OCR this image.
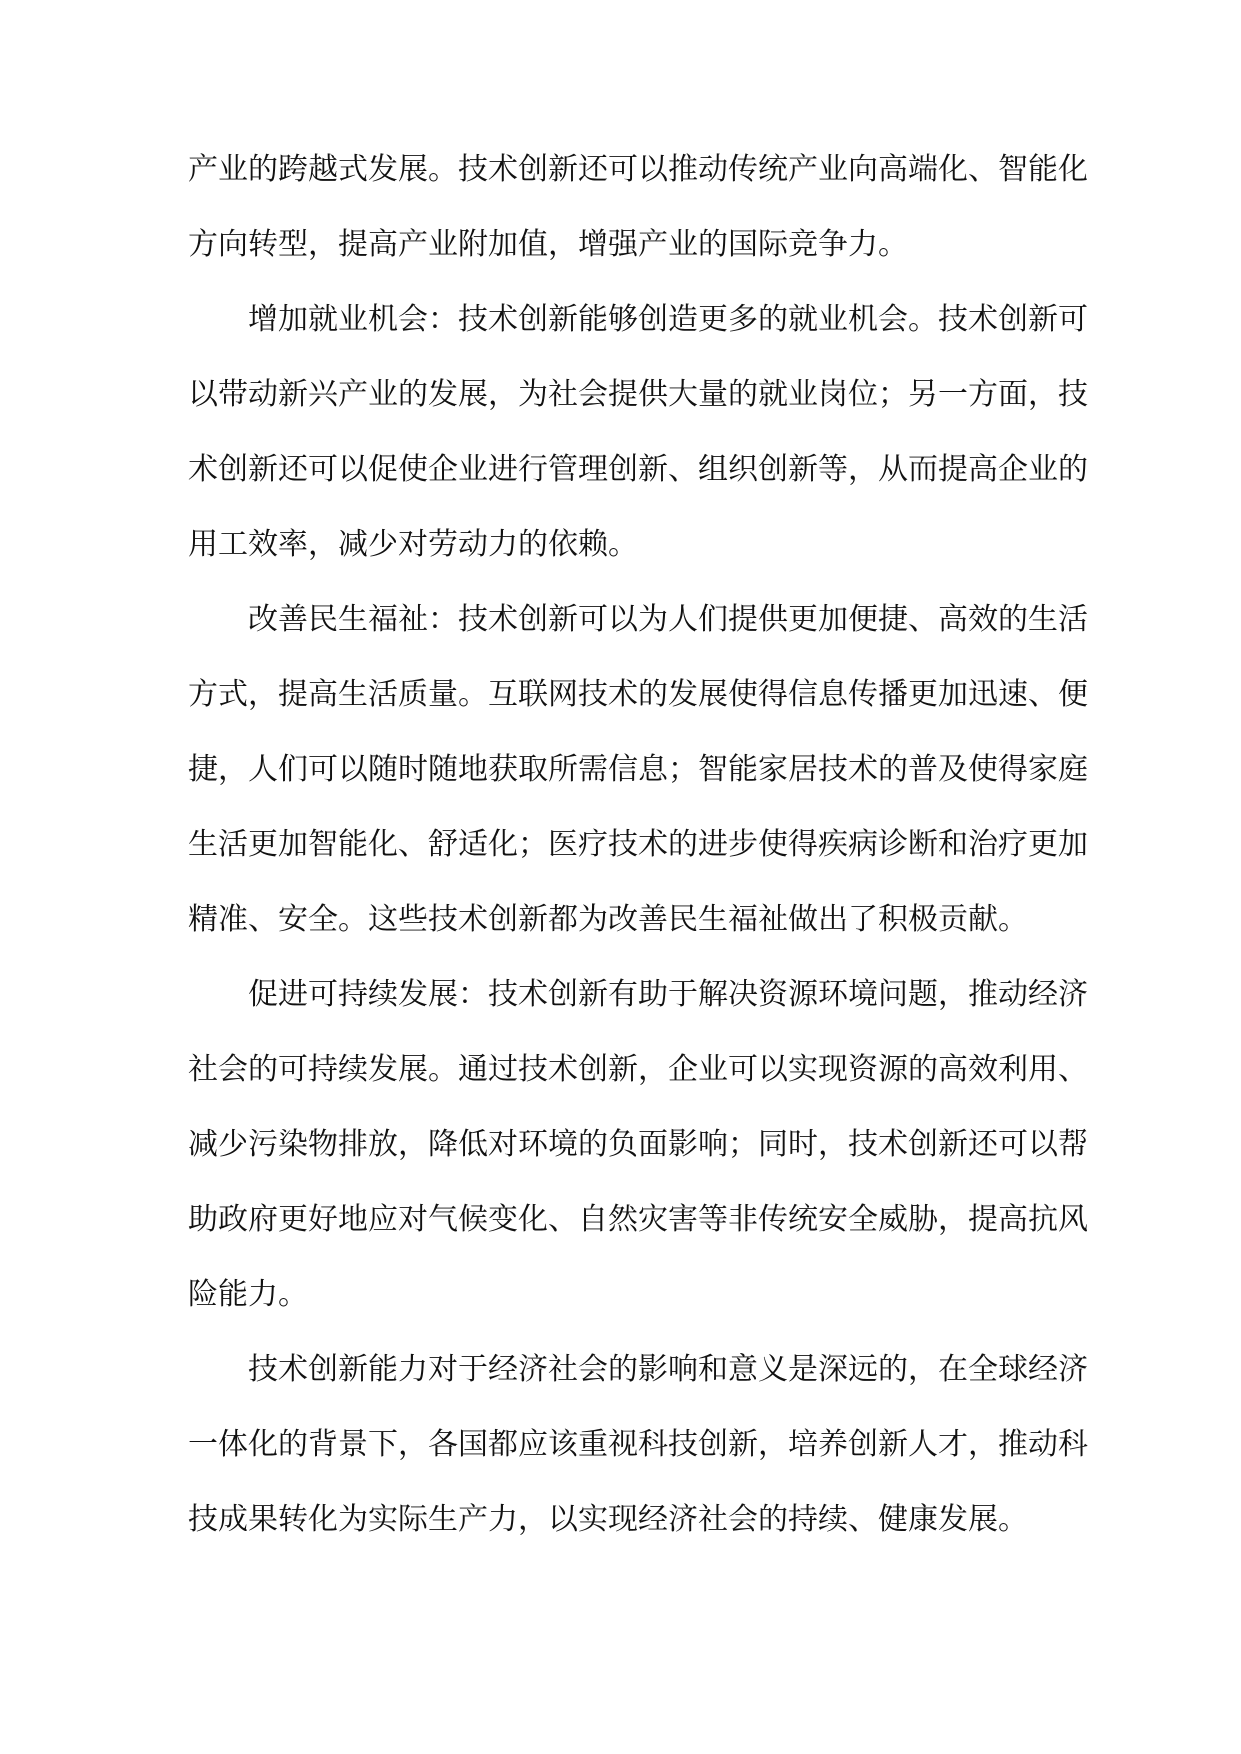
产业的跨越式发展。技术创新还可以推动传统产业向高端化、智能化
方向转型，提高产业附加值，增强产业的国际竞争力。
增加就业机会：技术创新能够创造更多的就业机会。技术创新可
以带动新兴产业的发展，为社会提供大量的就业岗位；另一方面，技
术创新还可以促使企业进行管理创新、组织创新等，从而提高企业的
用工效率，减少对劳动力的依赖。
改善民生福祉：技术创新可以为人们提供更加便捷、高效的生活
方式，提高生活质量。互联网技术的发展使得信息传播更加迅速、便
捷，人们可以随时随地获取所需信息；智能家居技术的普及使得家庭
生活更加智能化、舒适化；医疗技术的进步使得疾病诊断和治疗更加
精准、安全。这些技术创新都为改善民生福祉做出了积极贡献。
促进可持续发展：技术创新有助于解决资源环境问题，推动经济
社会的可持续发展。通过技术创新，企业可以实现资源的高效利用、
减少污染物排放，降低对环境的负面影响；同时，技术创新还可以帮
助政府更好地应对气候变化、自然灾害等非传统安全威胁，提高抗风
险能力。
技术创新能力对于经济社会的影响和意义是深远的，在全球经济
一体化的背景下，各国都应该重视科技创新，培养创新人才，推动科
技成果转化为实际生产力，以实现经济社会的持续、健康发展。
